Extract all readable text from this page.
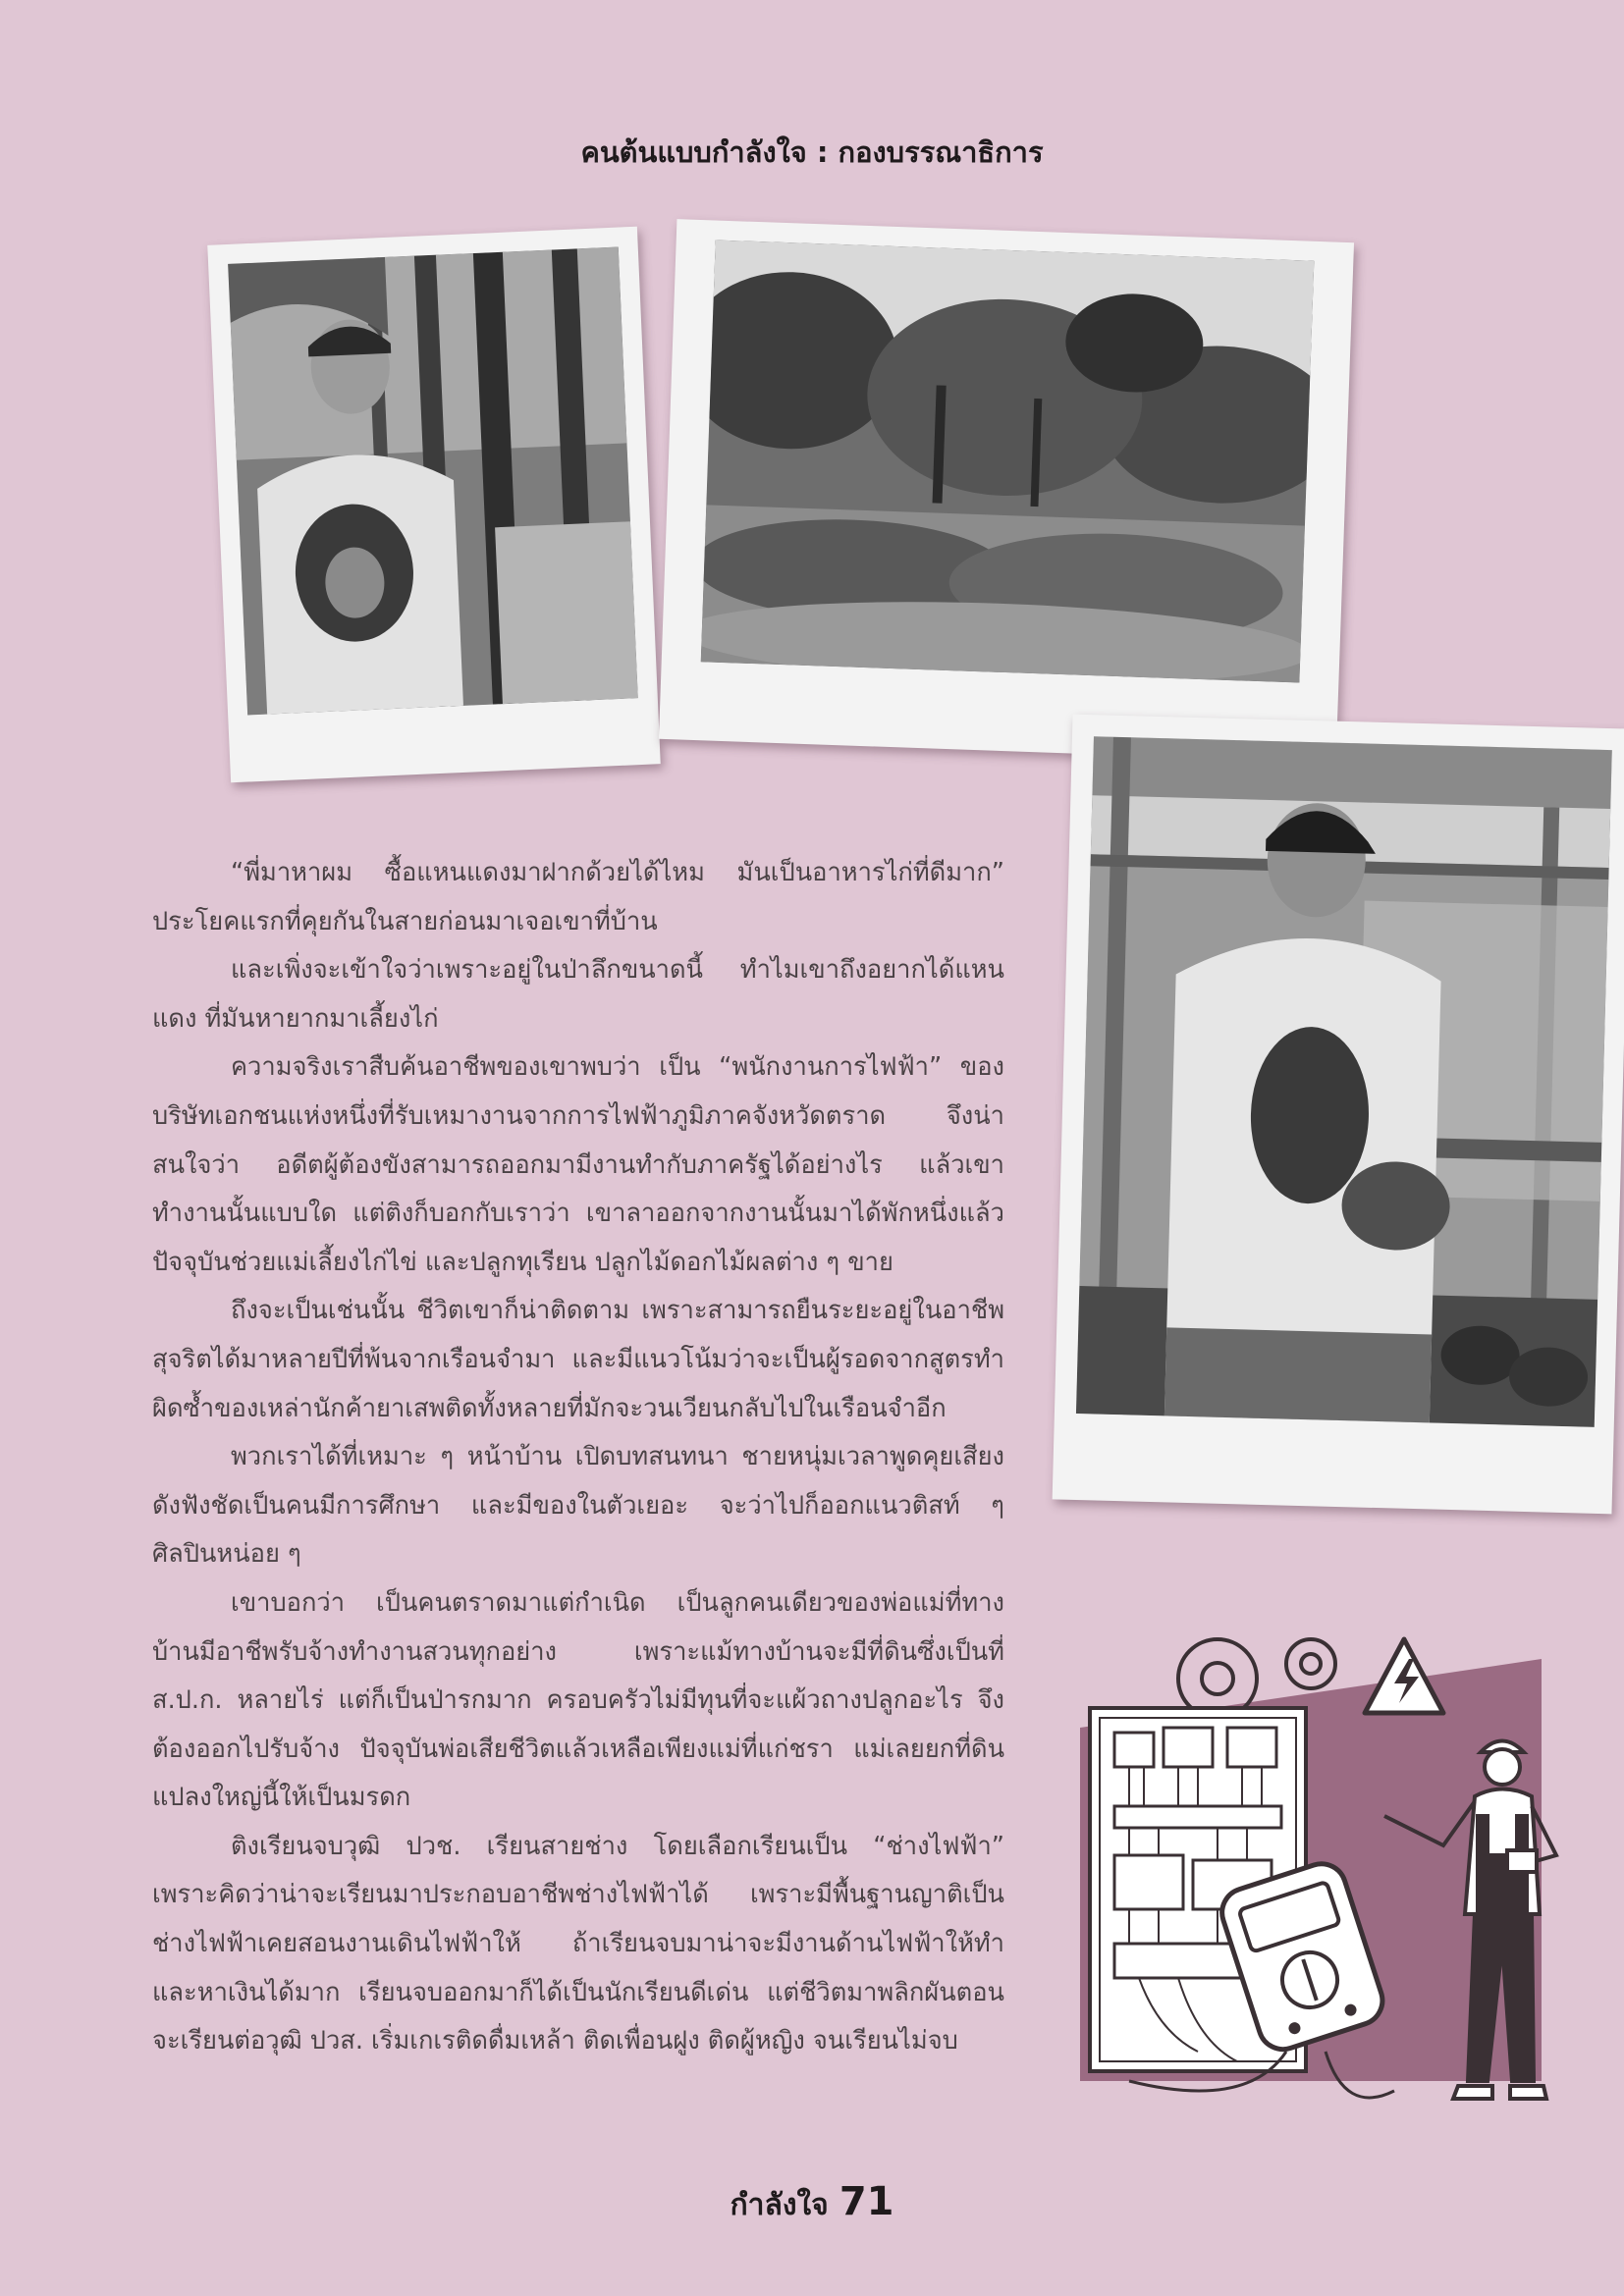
คนต้นแบบกำลังใจ : กองบรรณาธิการ

“พี่มาหาผม ซื้อแหนแดงมาฝากด้วยได้ไหม มันเป็นอาหารไก่ที่ดีมาก” ประโยคแรกที่คุยกันในสายก่อนมาเจอเขาที่บ้าน

และเพิ่งจะเข้าใจว่าเพราะอยู่ในป่าลึกขนาดนี้ ทำไมเขาถึงอยากได้แหนแดง ที่มันหายากมาเลี้ยงไก่

ความจริงเราสืบค้นอาชีพของเขาพบว่า เป็น “พนักงานการไฟฟ้า” ของบริษัทเอกชนแห่งหนึ่งที่รับเหมางานจากการไฟฟ้าภูมิภาคจังหวัดตราด จึงน่าสนใจว่า อดีตผู้ต้องขังสามารถออกมามีงานทำกับภาครัฐได้อย่างไร แล้วเขาทำงานนั้นแบบใด แต่ติงก็บอกกับเราว่า เขาลาออกจากงานนั้นมาได้พักหนึ่งแล้ว ปัจจุบันช่วยแม่เลี้ยงไก่ไข่ และปลูกทุเรียน ปลูกไม้ดอกไม้ผลต่าง ๆ ขาย

ถึงจะเป็นเช่นนั้น ชีวิตเขาก็น่าติดตาม เพราะสามารถยืนระยะอยู่ในอาชีพสุจริตได้มาหลายปีที่พ้นจากเรือนจำมา และมีแนวโน้มว่าจะเป็นผู้รอดจากสูตรทำผิดซ้ำของเหล่านักค้ายาเสพติดทั้งหลายที่มักจะวนเวียนกลับไปในเรือนจำอีก

พวกเราได้ที่เหมาะ ๆ หน้าบ้าน เปิดบทสนทนา ชายหนุ่มเวลาพูดคุยเสียงดังฟังชัดเป็นคนมีการศึกษา และมีของในตัวเยอะ จะว่าไปก็ออกแนวติสท์ ๆ ศิลปินหน่อย ๆ

เขาบอกว่า เป็นคนตราดมาแต่กำเนิด เป็นลูกคนเดียวของพ่อแม่ที่ทางบ้านมีอาชีพรับจ้างทำงานสวนทุกอย่าง เพราะแม้ทางบ้านจะมีที่ดินซึ่งเป็นที่ ส.ป.ก. หลายไร่ แต่ก็เป็นป่ารกมาก ครอบครัวไม่มีทุนที่จะแผ้วถางปลูกอะไร จึงต้องออกไปรับจ้าง ปัจจุบันพ่อเสียชีวิตแล้วเหลือเพียงแม่ที่แก่ชรา แม่เลยยกที่ดินแปลงใหญ่นี้ให้เป็นมรดก

ติงเรียนจบวุฒิ ปวช. เรียนสายช่าง โดยเลือกเรียนเป็น “ช่างไฟฟ้า” เพราะคิดว่าน่าจะเรียนมาประกอบอาชีพช่างไฟฟ้าได้ เพราะมีพื้นฐานญาติเป็นช่างไฟฟ้าเคยสอนงานเดินไฟฟ้าให้ ถ้าเรียนจบมาน่าจะมีงานด้านไฟฟ้าให้ทำและหาเงินได้มาก เรียนจบออกมาก็ได้เป็นนักเรียนดีเด่น แต่ชีวิตมาพลิกผันตอนจะเรียนต่อวุฒิ ปวส. เริ่มเกเรติดดื่มเหล้า ติดเพื่อนฝูง ติดผู้หญิง จนเรียนไม่จบ

กำลังใจ 71
